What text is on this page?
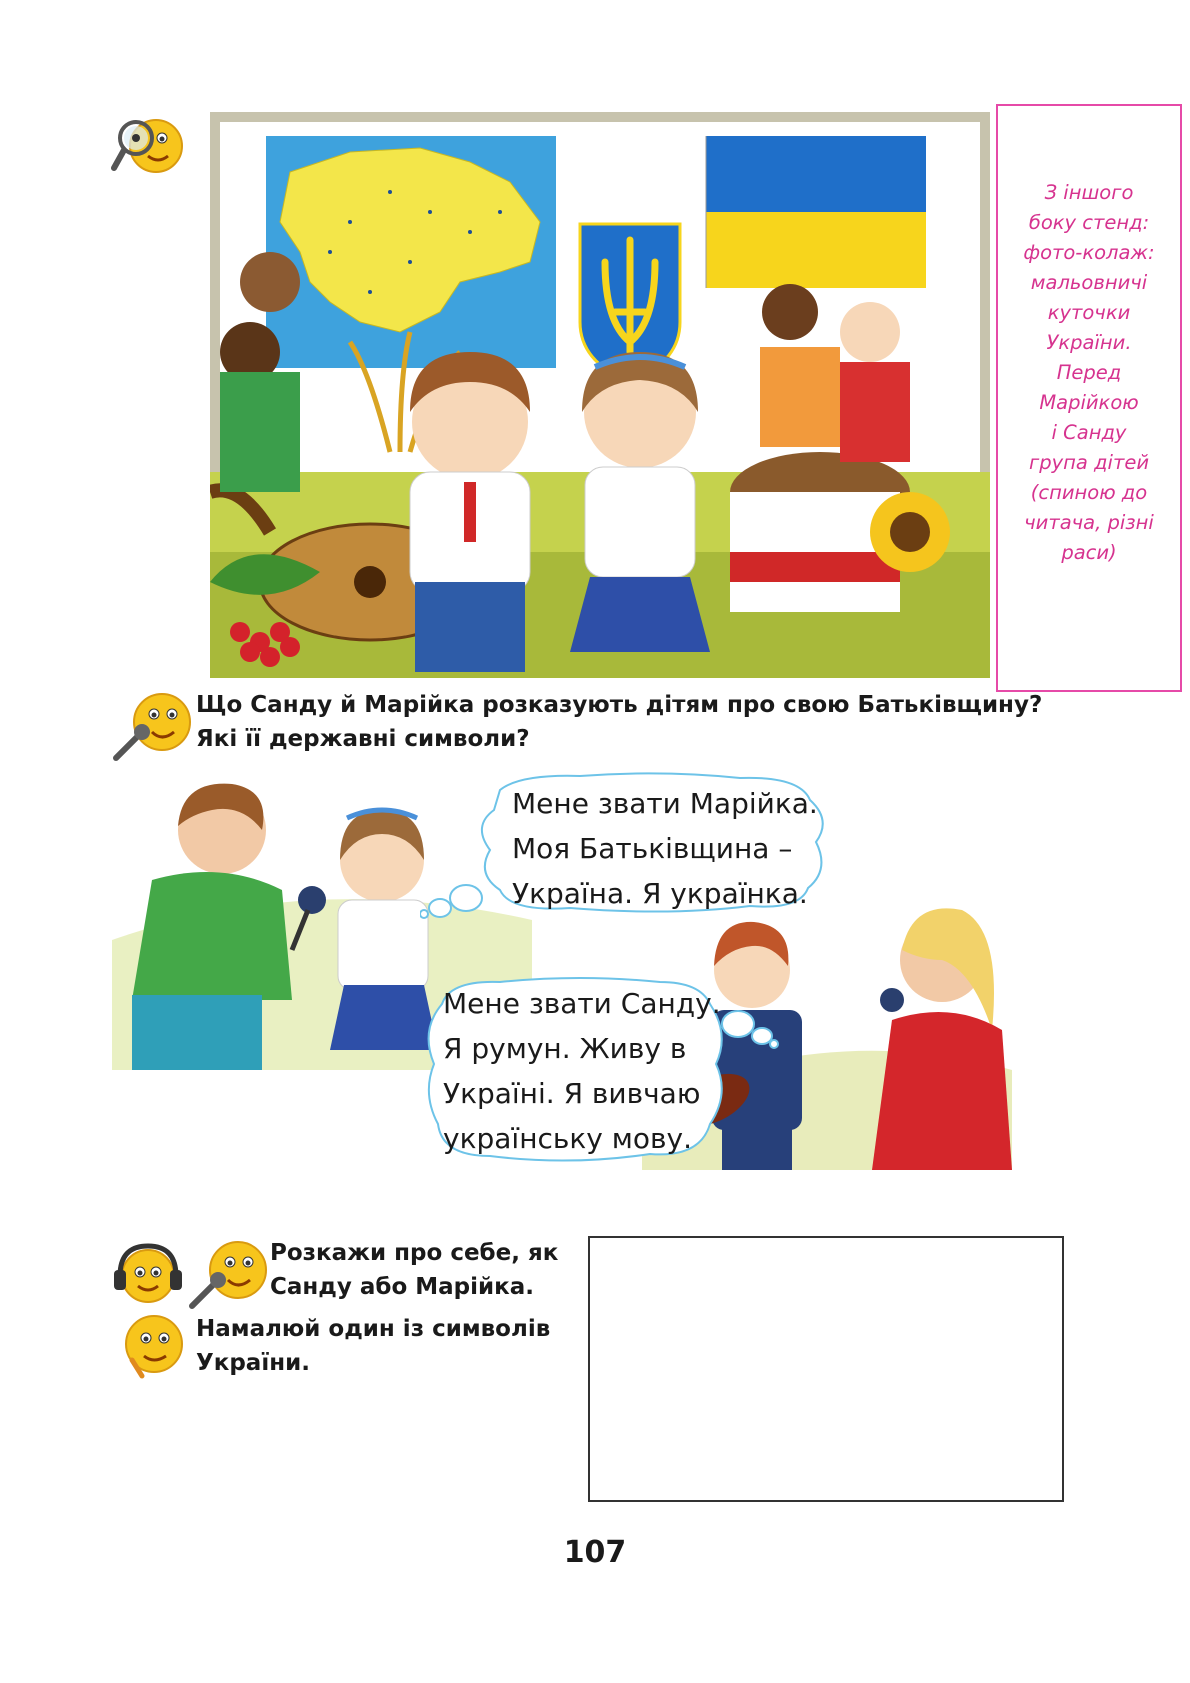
З іншого
боку стенд:
фото-колаж:
мальовничі
куточки
України.
Перед
Марійкою
і Санду
група дітей
(спиною до
читача, різні
раси)
Що Санду й Марійка розказують дітям про свою Батьківщину?
Які її державні символи?
Мене звати Марійка.
Моя Батьківщина –
Україна. Я українка.
Мене звати Санду.
Я румун. Живу в
Україні. Я вивчаю
українську мову.
Розкажи про себе, як
Санду або Марійка.
Намалюй один із символів
України.
107
